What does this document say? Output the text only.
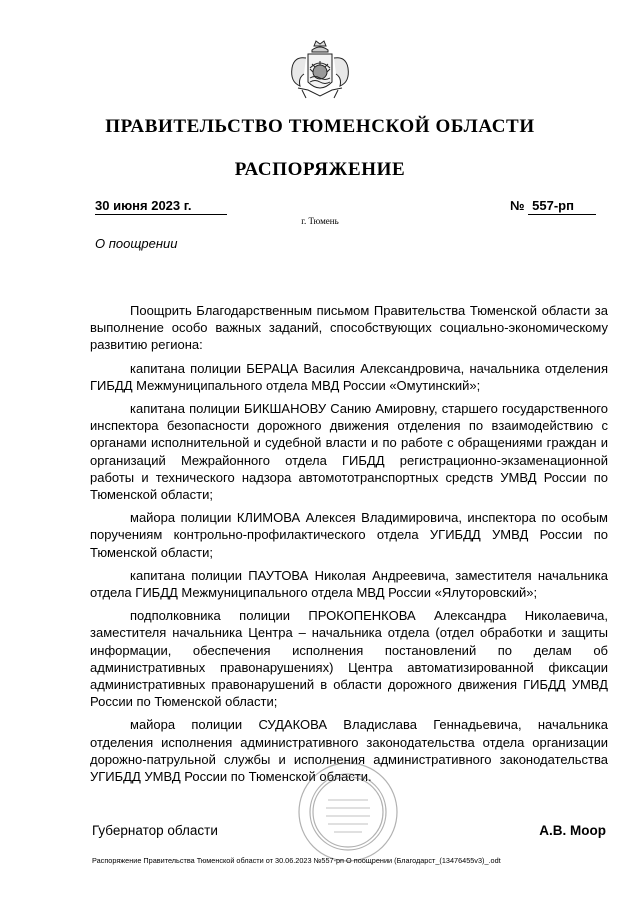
ПРАВИТЕЛЬСТВО ТЮМЕНСКОЙ ОБЛАСТИ
РАСПОРЯЖЕНИЕ
30 июня 2023 г.	№ 557-рп
г. Тюмень
О поощрении

Поощрить Благодарственным письмом Правительства Тюменской области за выполнение особо важных заданий, способствующих социально-экономическому развитию региона:

капитана полиции БЕРАЦА Василия Александровича, начальника отделения ГИБДД Межмуниципального отдела МВД России «Омутинский»;

капитана полиции БИКШАНОВУ Санию Амировну, старшего государственного инспектора безопасности дорожного движения отделения по взаимодействию с органами исполнительной и судебной власти и по работе с обращениями граждан и организаций Межрайонного отдела ГИБДД регистрационно-экзаменационной работы и технического надзора автомототранспортных средств УМВД России по Тюменской области;

майора полиции КЛИМОВА Алексея Владимировича, инспектора по особым поручениям контрольно-профилактического отдела УГИБДД УМВД России по Тюменской области;

капитана полиции ПАУТОВА Николая Андреевича, заместителя начальника отдела ГИБДД Межмуниципального отдела МВД России «Ялуторовский»;

подполковника полиции ПРОКОПЕНКОВА Александра Николаевича, заместителя начальника Центра – начальника отдела (отдел обработки и защиты информации, обеспечения исполнения постановлений по делам об административных правонарушениях) Центра автоматизированной фиксации административных правонарушений в области дорожного движения ГИБДД УМВД России по Тюменской области;

майора полиции СУДАКОВА Владислава Геннадьевича, начальника отделения исполнения административного законодательства отдела организации дорожно-патрульной службы и исполнения административного законодательства УГИБДД УМВД России по Тюменской области.

Губернатор области	А.В. Моор
Распоряжение Правительства Тюменской области от 30.06.2023 №557-рп О поощрении (Благодарст_(13476455v3)_.odt
